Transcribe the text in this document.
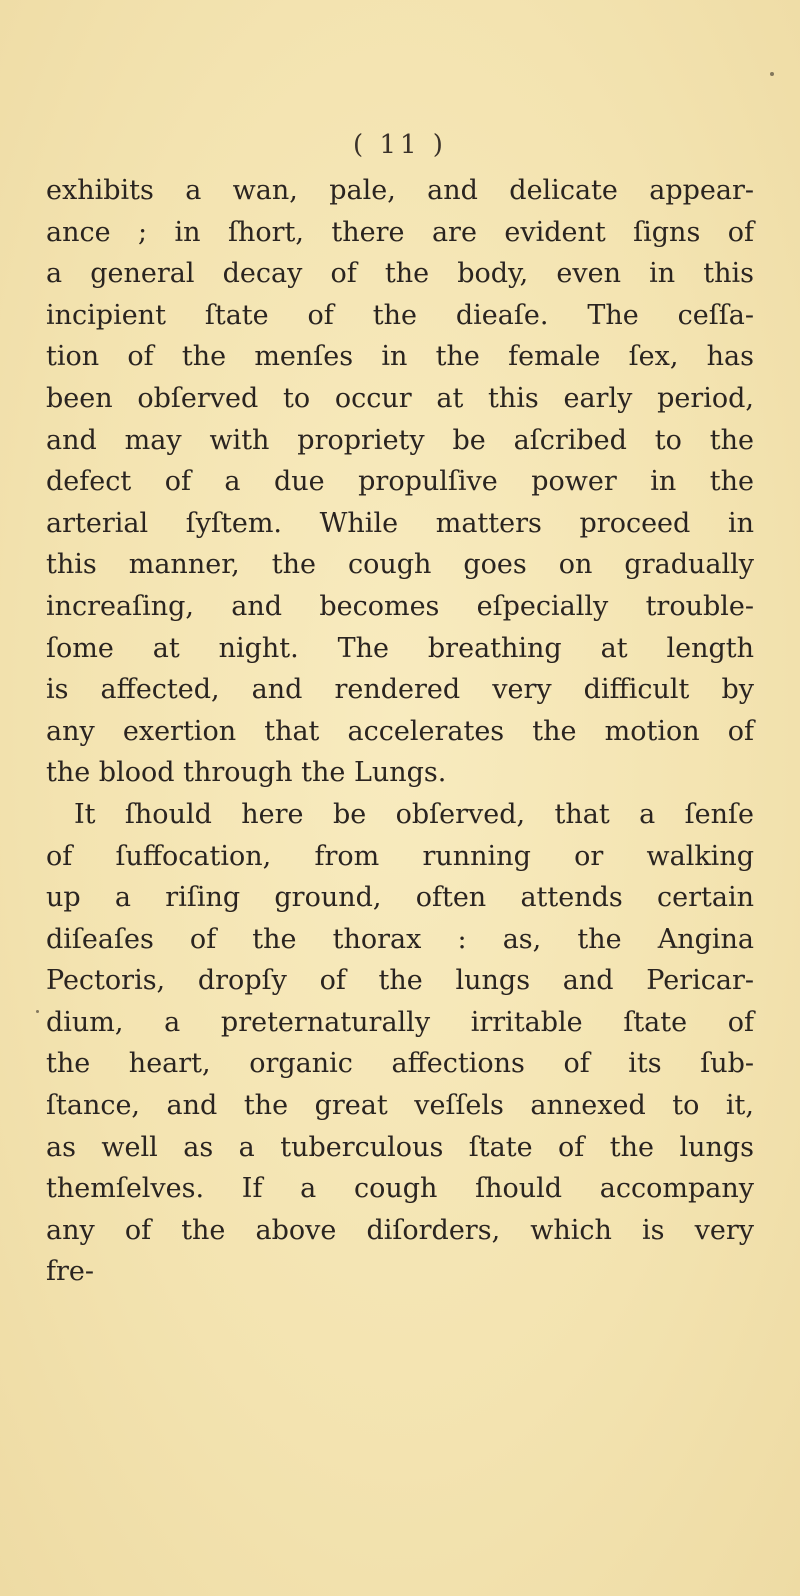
( 11 )
exhibits a wan, pale, and delicate appear-
ance ; in ſhort, there are evident ſigns of
a general decay of the body, even in this
incipient ſtate of the dieaſe. The ceſſa-
tion of the menſes in the female ſex, has
been obſerved to occur at this early period,
and may with propriety be aſcribed to the
defect of a due propulſive power in the
arterial ſyſtem. While matters proceed in
this manner, the cough goes on gradually
increaſing, and becomes eſpecially trouble-
ſome at night. The breathing at length
is affected, and rendered very difficult by
any exertion that accelerates the motion of
the blood through the Lungs.
It ſhould here be obſerved, that a ſenſe
of ſuffocation, from running or walking
up a riſing ground, often attends certain
diſeaſes of the thorax : as, the Angina
Pectoris, dropſy of the lungs and Pericar-
dium, a preternaturally irritable ſtate of
the heart, organic affections of its ſub-
ſtance, and the great veſſels annexed to it,
as well as a tuberculous ſtate of the lungs
themſelves. If a cough ſhould accompany
any of the above diſorders, which is very
fre-
